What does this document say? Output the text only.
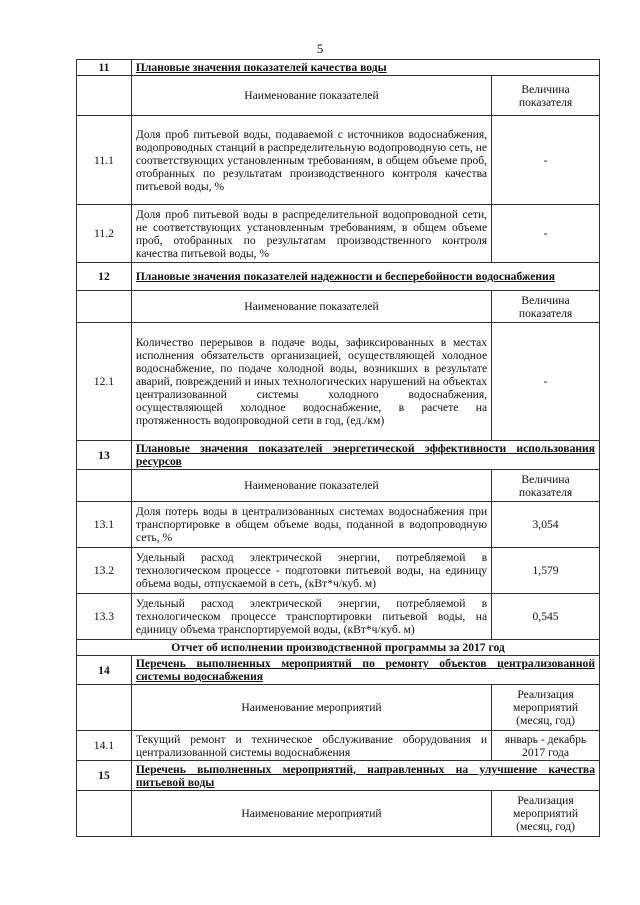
5
11	Плановые значения показателей качества воды	
	Наименование показателей	Величина показателя
11.1	Доля проб питьевой воды, подаваемой с источников водоснабжения, водопроводных станций в распределительную водопроводную сеть, не соответствующих установленным требованиям, в общем объеме проб, отобранных по результатам производственного контроля качества питьевой воды, %	-
11.2	Доля проб питьевой воды в распределительной водопроводной сети, не соответствующих установленным требованиям, в общем объеме проб, отобранных по результатам производственного контроля качества питьевой воды, %	-
12	Плановые значения показателей надежности и бесперебойности водоснабжения	
	Наименование показателей	Величина показателя
12.1	Количество перерывов в подаче воды, зафиксированных в местах исполнения обязательств организацией, осуществляющей холодное водоснабжение, по подаче холодной воды, возникших в результате аварий, повреждений и иных технологических нарушений на объектах централизованной системы холодного водоснабжения, осуществляющей холодное водоснабжение, в расчете на протяженность водопроводной сети в год, (ед./км)	-
13	Плановые значения показателей энергетической эффективности использования ресурсов	
	Наименование показателей	Величина показателя
13.1	Доля потерь воды в централизованных системах водоснабжения при транспортировке в общем объеме воды, поданной в водопроводную сеть, %	3,054
13.2	Удельный расход электрической энергии, потребляемой в технологическом процессе - подготовки питьевой воды, на единицу объема воды, отпускаемой в сеть, (кВт*ч/куб. м)	1,579
13.3	Удельный расход электрической энергии, потребляемой в технологическом процессе транспортировки питьевой воды, на единицу объема транспортируемой воды, (кВт*ч/куб. м)	0,545
Отчет об исполнении производственной программы за 2017 год		
14	Перечень выполненных мероприятий по ремонту объектов централизованной системы водоснабжения	
	Наименование мероприятий	Реализация мероприятий (месяц, год)
14.1	Текущий ремонт и техническое обслуживание оборудования и централизованной системы водоснабжения	январь - декабрь 2017 года
15	Перечень выполненных мероприятий, направленных на улучшение качества питьевой воды	
	Наименование мероприятий	Реализация мероприятий (месяц, год)
